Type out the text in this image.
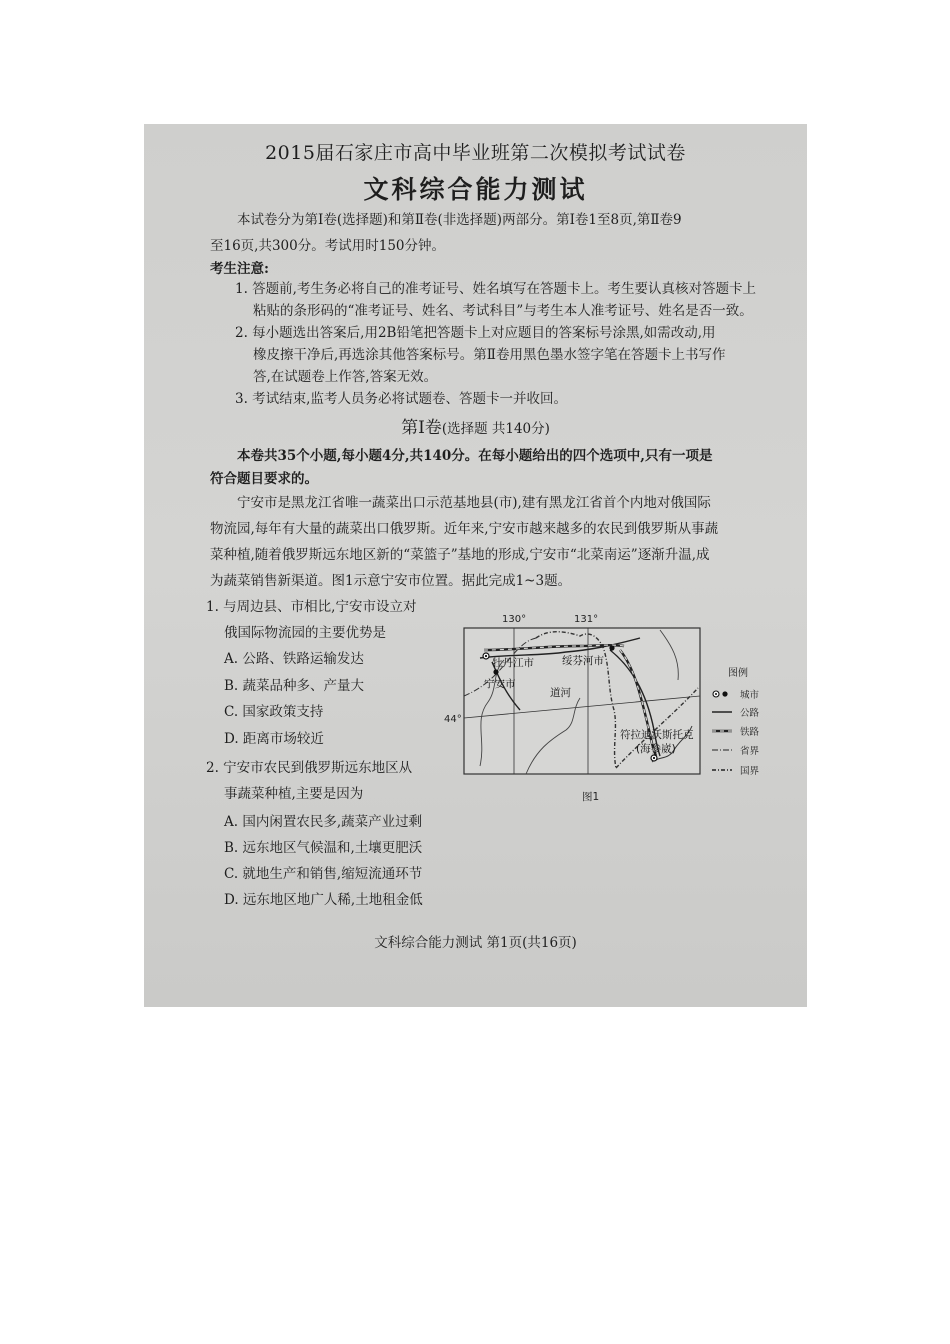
2015届石家庄市高中毕业班第二次模拟考试试卷
文科综合能力测试
本试卷分为第Ⅰ卷(选择题)和第Ⅱ卷(非选择题)两部分。第Ⅰ卷1至8页,第Ⅱ卷9
至16页,共300分。考试用时150分钟。
考生注意:
1. 答题前,考生务必将自己的准考证号、姓名填写在答题卡上。考生要认真核对答题卡上
粘贴的条形码的“准考证号、姓名、考试科目”与考生本人准考证号、姓名是否一致。
2. 每小题选出答案后,用2B铅笔把答题卡上对应题目的答案标号涂黑,如需改动,用
橡皮擦干净后,再选涂其他答案标号。第Ⅱ卷用黑色墨水签字笔在答题卡上书写作
答,在试题卷上作答,答案无效。
3. 考试结束,监考人员务必将试题卷、答题卡一并收回。
第Ⅰ卷(选择题 共140分)
本卷共35个小题,每小题4分,共140分。在每小题给出的四个选项中,只有一项是
符合题目要求的。
宁安市是黑龙江省唯一蔬菜出口示范基地县(市),建有黑龙江省首个内地对俄国际
物流园,每年有大量的蔬菜出口俄罗斯。近年来,宁安市越来越多的农民到俄罗斯从事蔬
菜种植,随着俄罗斯远东地区新的“菜篮子”基地的形成,宁安市“北菜南运”逐渐升温,成
为蔬菜销售新渠道。图1示意宁安市位置。据此完成1~3题。
1. 与周边县、市相比,宁安市设立对
俄国际物流园的主要优势是
A. 公路、铁路运输发达
B. 蔬菜品种多、产量大
C. 国家政策支持
D. 距离市场较近
2. 宁安市农民到俄罗斯远东地区从
事蔬菜种植,主要是因为
A. 国内闲置农民多,蔬菜产业过剩
B. 远东地区气候温和,土壤更肥沃
C. 就地生产和销售,缩短流通环节
D. 远东地区地广人稀,土地租金低
130°	131°
44°
牡丹江市	绥芬河市
宁安市
道河
符拉迪沃斯托克
(海参崴)
图例
城市
公路
铁路
省界
国界
图1
文科综合能力测试 第1页(共16页)
